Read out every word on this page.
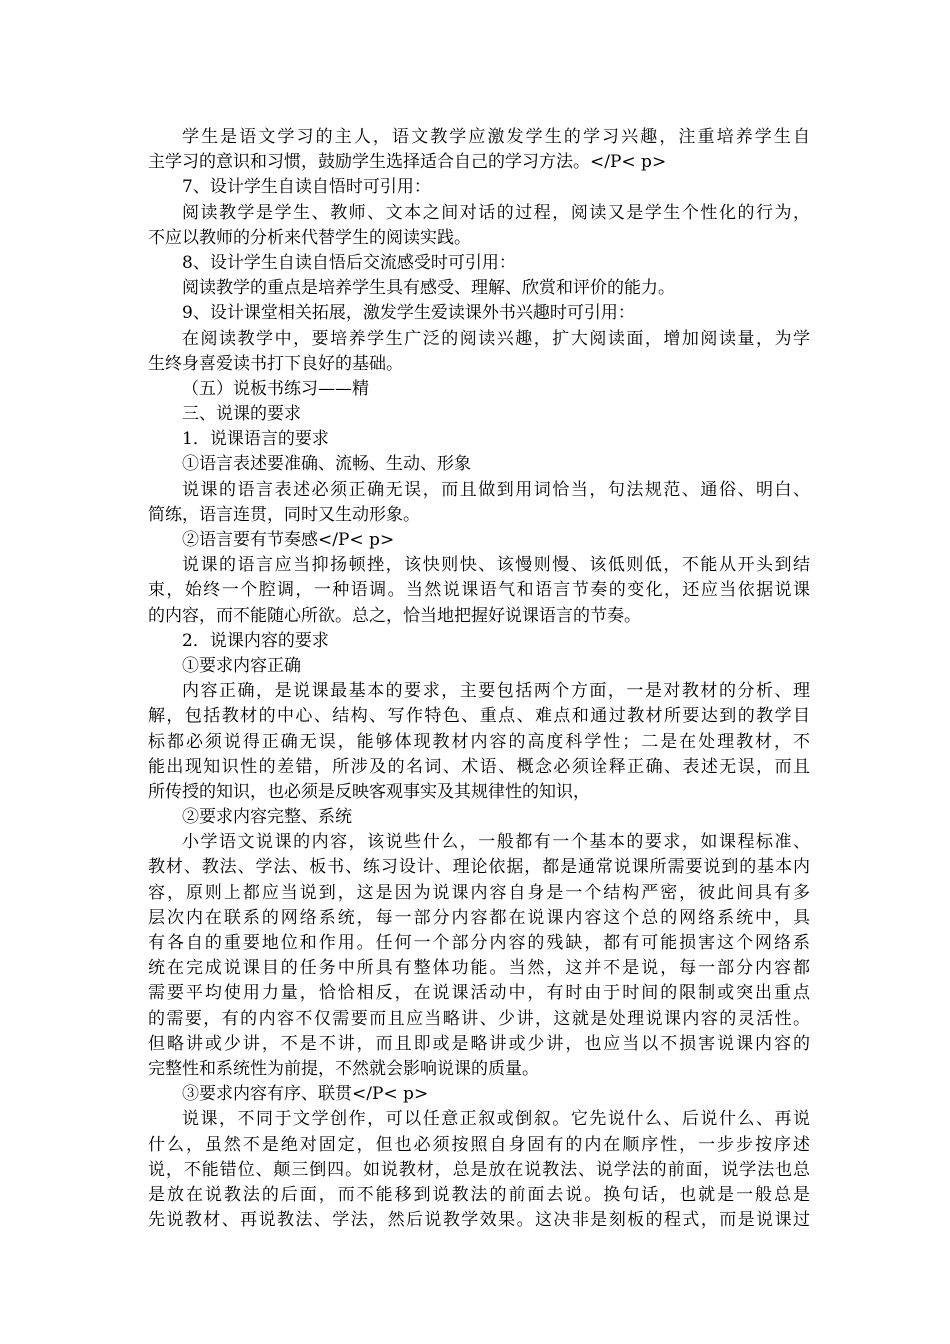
学生是语文学习的主人，语文教学应激发学生的学习兴趣，注重培养学生自
主学习的意识和习惯，鼓励学生选择适合自己的学习方法。</P< p>
7、设计学生自读自悟时可引用：
阅读教学是学生、教师、文本之间对话的过程，阅读又是学生个性化的行为，
不应以教师的分析来代替学生的阅读实践。
8、设计学生自读自悟后交流感受时可引用：
阅读教学的重点是培养学生具有感受、理解、欣赏和评价的能力。
9、设计课堂相关拓展，激发学生爱读课外书兴趣时可引用：
在阅读教学中，要培养学生广泛的阅读兴趣，扩大阅读面，增加阅读量，为学
生终身喜爱读书打下良好的基础。
（五）说板书练习——精
三、说课的要求
1．说课语言的要求
①语言表述要准确、流畅、生动、形象
说课的语言表述必须正确无误，而且做到用词恰当，句法规范、通俗、明白、
简练，语言连贯，同时又生动形象。
②语言要有节奏感</P< p>
说课的语言应当抑扬顿挫，该快则快、该慢则慢、该低则低，不能从开头到结
束，始终一个腔调，一种语调。当然说课语气和语言节奏的变化，还应当依据说课
的内容，而不能随心所欲。总之，恰当地把握好说课语言的节奏。
2．说课内容的要求
①要求内容正确
内容正确，是说课最基本的要求，主要包括两个方面，一是对教材的分析、理
解，包括教材的中心、结构、写作特色、重点、难点和通过教材所要达到的教学目
标都必须说得正确无误，能够体现教材内容的高度科学性；二是在处理教材，不
能出现知识性的差错，所涉及的名词、术语、概念必须诠释正确、表述无误，而且
所传授的知识，也必须是反映客观事实及其规律性的知识，
②要求内容完整、系统
小学语文说课的内容，该说些什么，一般都有一个基本的要求，如课程标准、
教材、教法、学法、板书、练习设计、理论依据，都是通常说课所需要说到的基本内
容，原则上都应当说到，这是因为说课内容自身是一个结构严密，彼此间具有多
层次内在联系的网络系统，每一部分内容都在说课内容这个总的网络系统中，具
有各自的重要地位和作用。任何一个部分内容的残缺，都有可能损害这个网络系
统在完成说课目的任务中所具有整体功能。当然，这并不是说，每一部分内容都
需要平均使用力量，恰恰相反，在说课活动中，有时由于时间的限制或突出重点
的需要，有的内容不仅需要而且应当略讲、少讲，这就是处理说课内容的灵活性。
但略讲或少讲，不是不讲，而且即或是略讲或少讲，也应当以不损害说课内容的
完整性和系统性为前提，不然就会影响说课的质量。
③要求内容有序、联贯</P< p>
说课，不同于文学创作，可以任意正叙或倒叙。它先说什么、后说什么、再说
什么，虽然不是绝对固定，但也必须按照自身固有的内在顺序性，一步步按序述
说，不能错位、颠三倒四。如说教材，总是放在说教法、说学法的前面，说学法也总
是放在说教法的后面，而不能移到说教法的前面去说。换句话，也就是一般总是
先说教材、再说教法、学法，然后说教学效果。这决非是刻板的程式，而是说课过
